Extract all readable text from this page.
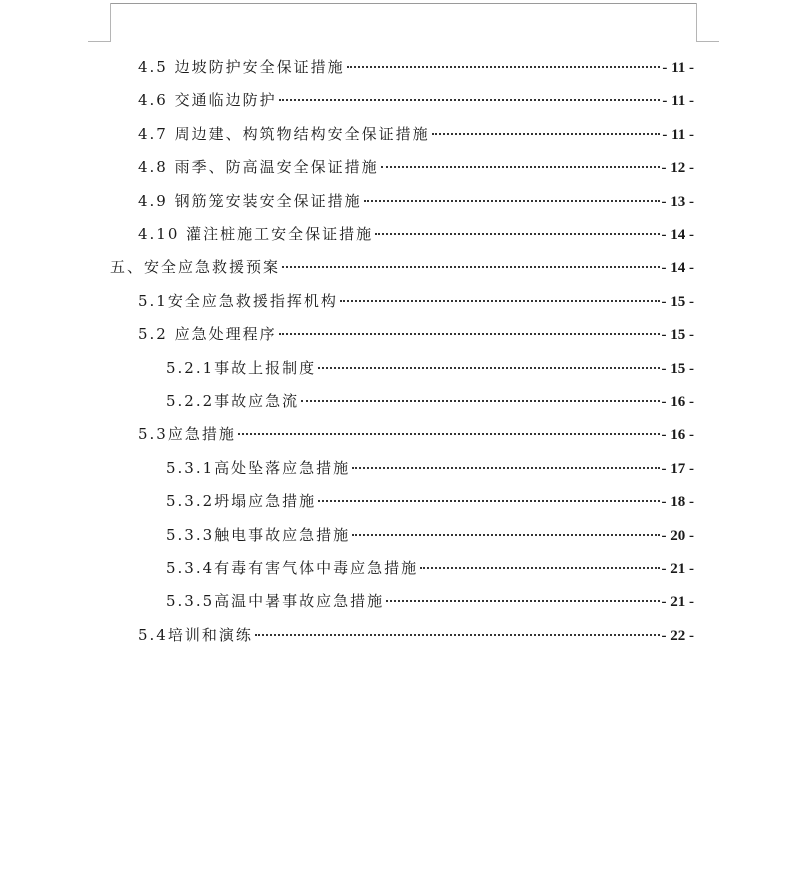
4.5 边坡防护安全保证措施	- 11 -
4.6 交通临边防护	- 11 -
4.7 周边建、构筑物结构安全保证措施	- 11 -
4.8 雨季、防高温安全保证措施	- 12 -
4.9 钢筋笼安装安全保证措施	- 13 -
4.10 灌注桩施工安全保证措施	- 14 -
五、安全应急救援预案	- 14 -
5.1安全应急救援指挥机构	- 15 -
5.2 应急处理程序	- 15 -
5.2.1事故上报制度	- 15 -
5.2.2事故应急流	- 16 -
5.3应急措施	- 16 -
5.3.1高处坠落应急措施	- 17 -
5.3.2坍塌应急措施	- 18 -
5.3.3触电事故应急措施	- 20 -
5.3.4有毒有害气体中毒应急措施	- 21 -
5.3.5高温中暑事故应急措施	- 21 -
5.4培训和演练	- 22 -
